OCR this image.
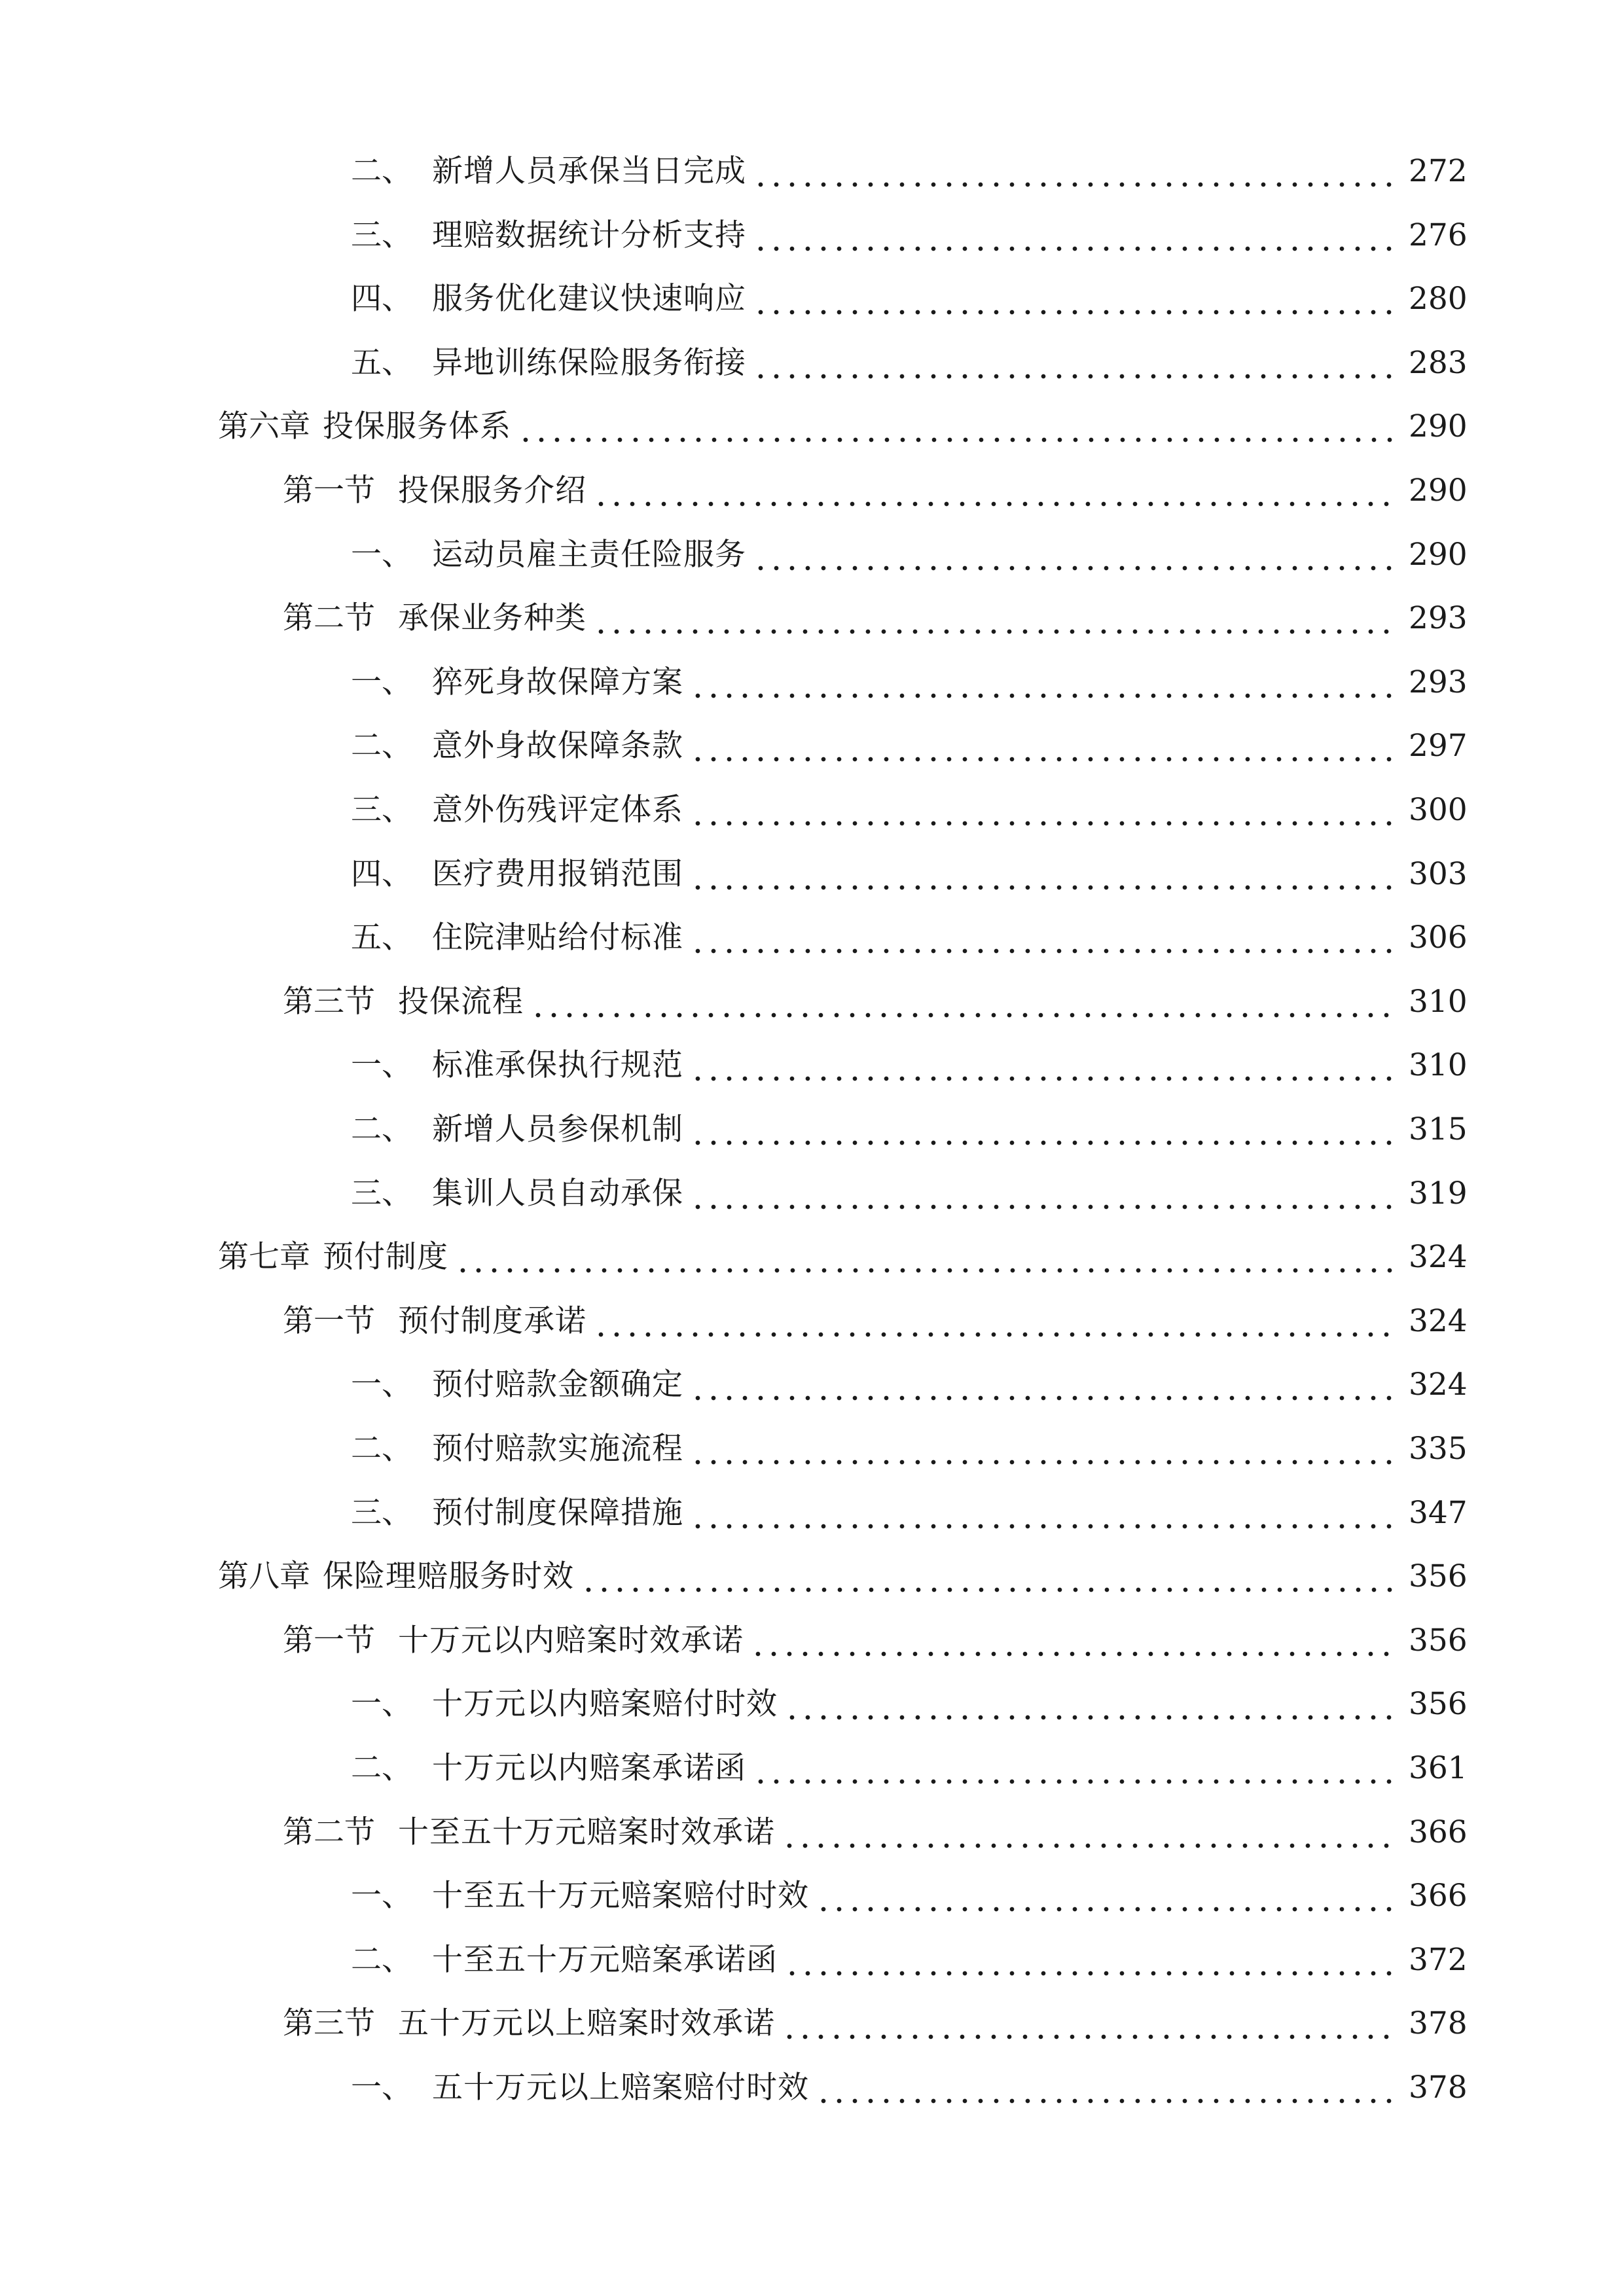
二、 新增人员承保当日完成	272
三、 理赔数据统计分析支持	276
四、 服务优化建议快速响应	280
五、 异地训练保险服务衔接	283
第六章 投保服务体系	290
第一节 投保服务介绍	290
一、 运动员雇主责任险服务	290
第二节 承保业务种类	293
一、 猝死身故保障方案	293
二、 意外身故保障条款	297
三、 意外伤残评定体系	300
四、 医疗费用报销范围	303
五、 住院津贴给付标准	306
第三节 投保流程	310
一、 标准承保执行规范	310
二、 新增人员参保机制	315
三、 集训人员自动承保	319
第七章 预付制度	324
第一节 预付制度承诺	324
一、 预付赔款金额确定	324
二、 预付赔款实施流程	335
三、 预付制度保障措施	347
第八章 保险理赔服务时效	356
第一节 十万元以内赔案时效承诺	356
一、 十万元以内赔案赔付时效	356
二、 十万元以内赔案承诺函	361
第二节 十至五十万元赔案时效承诺	366
一、 十至五十万元赔案赔付时效	366
二、 十至五十万元赔案承诺函	372
第三节 五十万元以上赔案时效承诺	378
一、 五十万元以上赔案赔付时效	378
